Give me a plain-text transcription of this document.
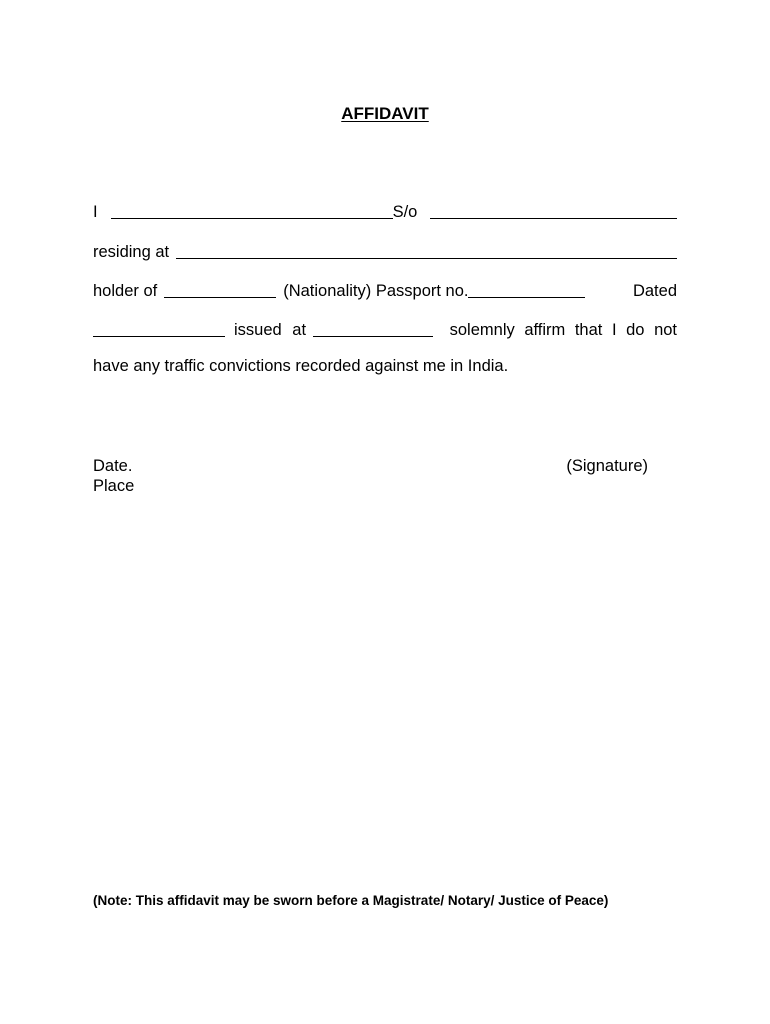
AFFIDAVIT
I	S/o
residing at
holder of	(Nationality) Passport no.	Dated
issued at	solemnly affirm that I do not
have any traffic convictions recorded against me in India.
Date.
Place
(Signature)
(Note: This affidavit may be sworn before a Magistrate/ Notary/ Justice of Peace)
